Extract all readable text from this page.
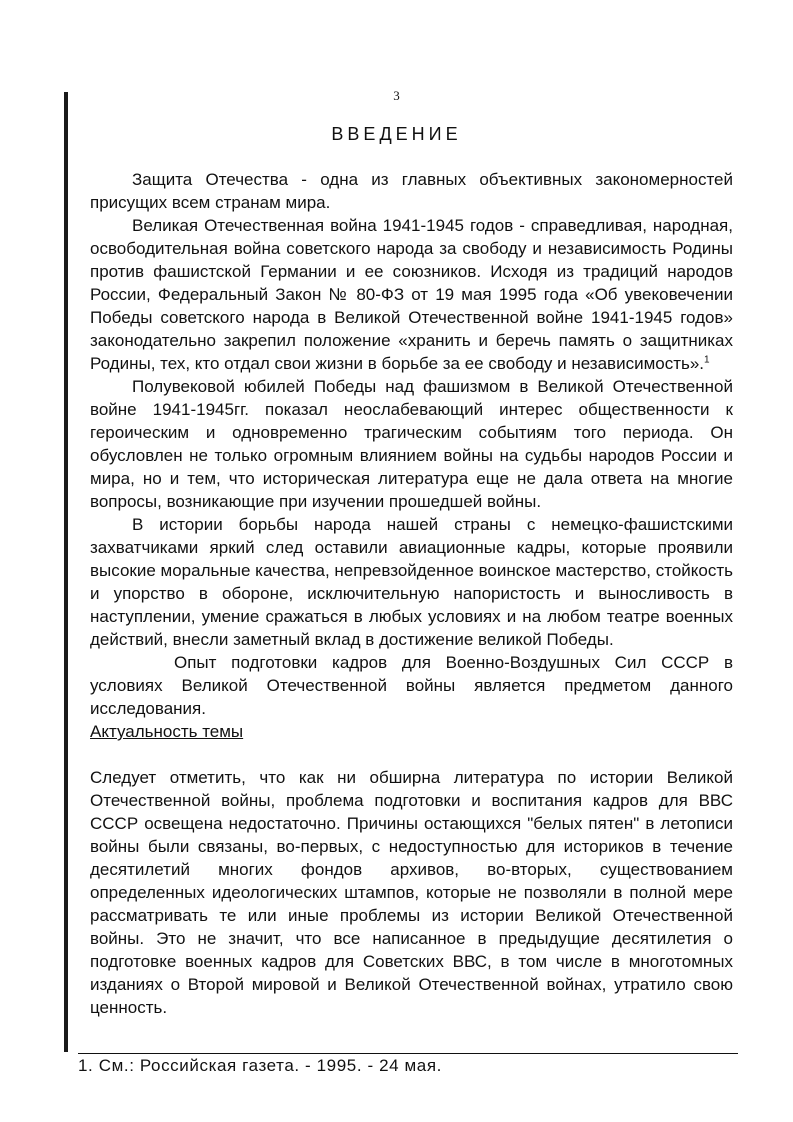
3
ВВЕДЕНИЕ

Защита Отечества - одна из главных объективных закономерностей присущих всем странам мира.

Великая Отечественная война 1941-1945 годов - справедливая, народная, освободительная война советского народа за свободу и независимость Родины против фашистской Германии и ее союзников. Исходя из традиций народов России, Федеральный Закон № 80-ФЗ от 19 мая 1995 года «Об увековечении Победы советского народа в Великой Отечественной войне 1941-1945 годов» законодательно закрепил положение «хранить и беречь память о защитниках Родины, тех, кто отдал свои жизни в борьбе за ее свободу и независимость».$^1$

Полувековой юбилей Победы над фашизмом в Великой Отечественной войне 1941-1945гг. показал неослабевающий интерес общественности к героическим и одновременно трагическим событиям того периода. Он обусловлен не только огромным влиянием войны на судьбы народов России и мира, но и тем, что историческая литература еще не дала ответа на многие вопросы, возникающие при изучении прошедшей войны.

В истории борьбы народа нашей страны с немецко-фашистскими захватчиками яркий след оставили авиационные кадры, которые проявили высокие моральные качества, непревзойденное воинское мастерство, стойкость и упорство в обороне, исключительную напористость и выносливость в наступлении, умение сражаться в любых условиях и на любом театре военных действий, внесли заметный вклад в достижение великой Победы.

Опыт подготовки кадров для Военно-Воздушных Сил СССР в условиях Великой Отечественной войны является предметом данного исследования.

Актуальность темы

Следует отметить, что как ни обширна литература по истории Великой Отечественной войны, проблема подготовки и воспитания кадров для ВВС СССР освещена недостаточно. Причины остающихся "белых пятен" в летописи войны были связаны, во-первых, с недоступностью для историков в течение десятилетий многих фондов архивов, во-вторых, существованием определенных идеологических штампов, которые не позволяли в полной мере рассматривать те или иные проблемы из истории Великой Отечественной войны. Это не значит, что все написанное в предыдущие десятилетия о подготовке военных кадров для Советских ВВС, в том числе в многотомных изданиях о Второй мировой и Великой Отечественной войнах, утратило свою ценность.

1. См.: Российская газета. - 1995. - 24 мая.
